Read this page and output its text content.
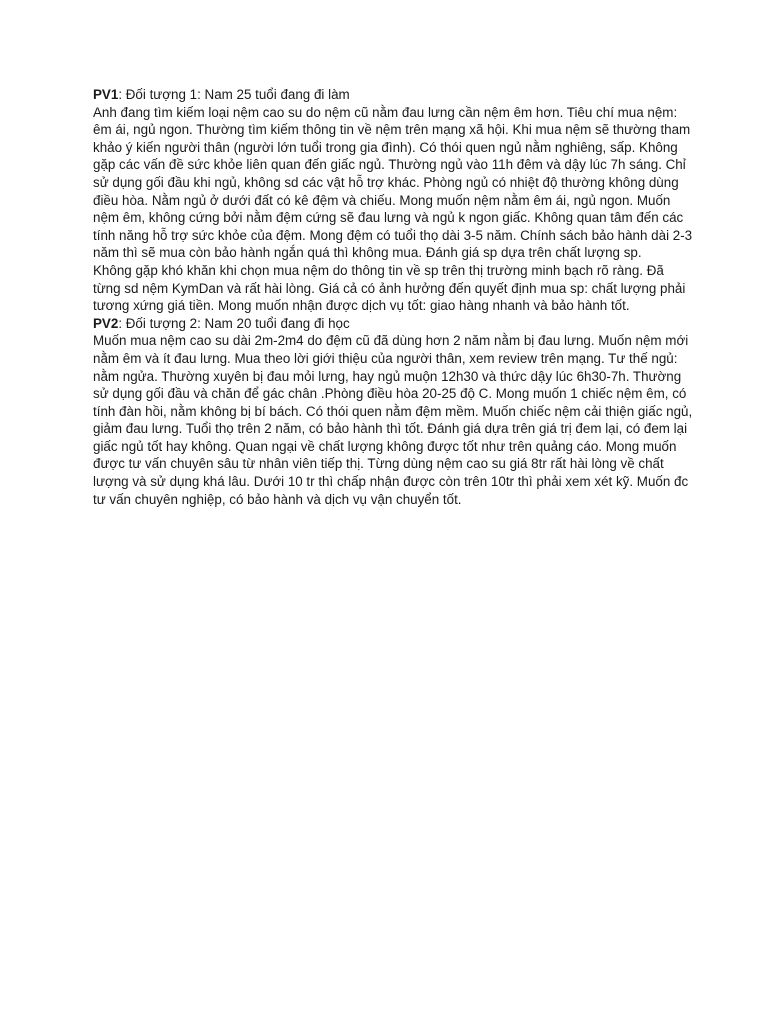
PV1: Đối tượng 1: Nam 25 tuổi đang đi làm

Anh đang tìm kiếm loại nệm cao su do nệm cũ nằm đau lưng cần nệm êm hơn. Tiêu chí mua nệm: êm ái, ngủ ngon. Thường tìm kiếm thông tin về nệm trên mạng xã hội. Khi mua nệm sẽ thường tham khảo ý kiến người thân (người lớn tuổi trong gia đình). Có thói quen ngủ nằm nghiêng, sấp. Không gặp các vấn đề sức khỏe liên quan đến giấc ngủ. Thường ngủ vào 11h đêm và dậy lúc 7h sáng. Chỉ sử dụng gối đầu khi ngủ, không sd các vật hỗ trợ khác. Phòng ngủ có nhiệt độ thường không dùng điều hòa. Nằm ngủ ở dưới đất có kê đệm và chiếu. Mong muốn nệm nằm êm ái, ngủ ngon. Muốn nệm êm, không cứng bởi nằm đệm cứng sẽ đau lưng và ngủ k ngon giấc. Không quan tâm đến các tính năng hỗ trợ sức khỏe của đệm. Mong đệm có tuổi thọ dài 3-5 năm. Chính sách bảo hành dài 2-3 năm thì sẽ mua còn bảo hành ngắn quá thì không mua. Đánh giá sp dựa trên chất lượng sp.

Không gặp khó khăn khi chọn mua nệm do thông tin về sp trên thị trường minh bạch rõ ràng. Đã từng sd nệm KymDan và rất hài lòng. Giá cả có ảnh hưởng đến quyết định mua sp: chất lượng phải tương xứng giá tiền. Mong muốn nhận được dịch vụ tốt: giao hàng nhanh và bảo hành tốt.

PV2: Đối tượng 2: Nam 20 tuổi đang đi học

Muốn mua nệm cao su dài 2m-2m4 do đệm cũ đã dùng hơn 2 năm nằm bị đau lưng. Muốn nệm mới nằm êm và ít đau lưng. Mua theo lời giới thiệu của người thân, xem review trên mạng. Tư thế ngủ: nằm ngửa. Thường xuyên bị đau mỏi lưng, hay ngủ muộn 12h30 và thức dậy lúc 6h30-7h. Thường sử dụng gối đầu và chăn để gác chân .Phòng điều hòa 20-25 độ C. Mong muốn 1 chiếc nệm êm, có tính đàn hồi, nằm không bị bí bách. Có thói quen nằm đệm mềm. Muốn chiếc nệm cải thiện giấc ngủ, giảm đau lưng. Tuổi thọ trên 2 năm, có bảo hành thì tốt. Đánh giá dựa trên giá trị đem lại, có đem lại giấc ngủ tốt hay không. Quan ngại về chất lượng không được tốt như trên quảng cáo. Mong muốn được tư vấn chuyên sâu từ nhân viên tiếp thị. Từng dùng nệm cao su giá 8tr rất hài lòng về chất lượng và sử dụng khá lâu. Dưới 10 tr thì chấp nhận được còn trên 10tr thì phải xem xét kỹ. Muốn đc tư vấn chuyên nghiệp, có bảo hành và dịch vụ vận chuyển tốt.
